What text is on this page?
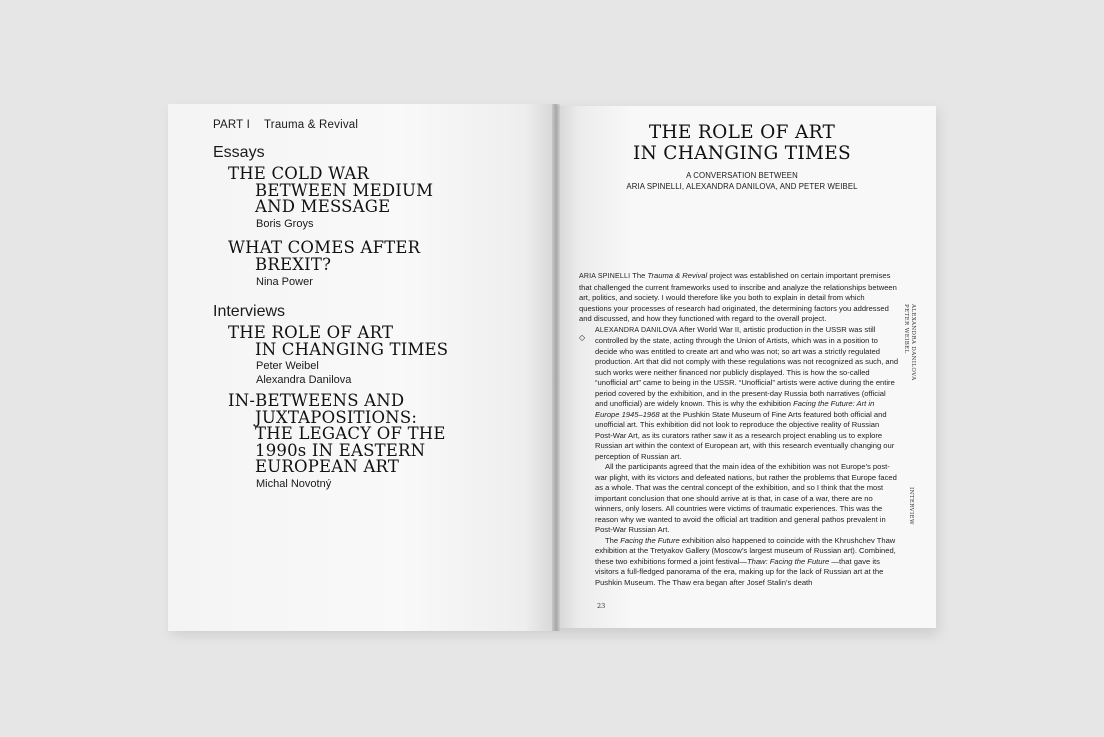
PART I Trauma & Revival
Essays
THE COLD WAR
BETWEEN MEDIUM
AND MESSAGE
Boris Groys
WHAT COMES AFTER
BREXIT?
Nina Power
Interviews
THE ROLE OF ART
IN CHANGING TIMES
Peter Weibel
Alexandra Danilova
IN-BETWEENS AND
JUXTAPOSITIONS:
THE LEGACY OF THE
1990s IN EASTERN
EUROPEAN ART
Michal Novotný
THE ROLE OF ART
IN CHANGING TIMES
A CONVERSATION BETWEEN
ARIA SPINELLI, ALEXANDRA DANILOVA, AND PETER WEIBEL

ARIA SPINELLI The Trauma & Revival project was established on certain important premises that challenged the current frameworks used to inscribe and analyze the relationships between art, politics, and society. I would therefore like you both to explain in detail from which questions your processes of research had originated, the determining factors you addressed and discussed, and how they functioned with regard to the overall project.

ALEXANDRA DANILOVA After World War II, artistic production in the USSR was still controlled by the state, acting through the Union of Artists, which was in a position to decide who was entitled to create art and who was not; so art was a strictly regulated production. Art that did not comply with these regulations was not recognized as such, and such works were neither financed nor publicly displayed. This is how the so-called “unofficial art” came to being in the USSR. “Unofficial” artists were active during the entire period covered by the exhibition, and in the present-day Russia both narratives (official and unofficial) are widely known. This is why the exhibition Facing the Future: Art in Europe 1945–1968 at the Pushkin State Museum of Fine Arts featured both official and unofficial art. This exhibition did not look to reproduce the objective reality of Russian Post-War Art, as its curators rather saw it as a research project enabling us to explore Russian art within the context of European art, with this research eventually changing our perception of Russian art.

All the participants agreed that the main idea of the exhibition was not Europe’s post-war plight, with its victors and defeated nations, but rather the problems that Europe faced as a whole. That was the central concept of the exhibition, and so I think that the most important conclusion that one should arrive at is that, in case of a war, there are no winners, only losers. All countries were victims of traumatic experiences. This was the reason why we wanted to avoid the official art tradition and general pathos prevalent in Post-War Russian Art.

The Facing the Future exhibition also happened to coincide with the Khrushchev Thaw exhibition at the Tretyakov Gallery (Moscow’s largest museum of Russian art). Combined, these two exhibitions formed a joint festival—Thaw: Facing the Future —that gave its visitors a full-fledged panorama of the era, making up for the lack of Russian art at the Pushkin Museum. The Thaw era began after Josef Stalin’s death

◇	ALEXANDRA DANILOVA
PETER WEIBEL
INTERVIEW
23
